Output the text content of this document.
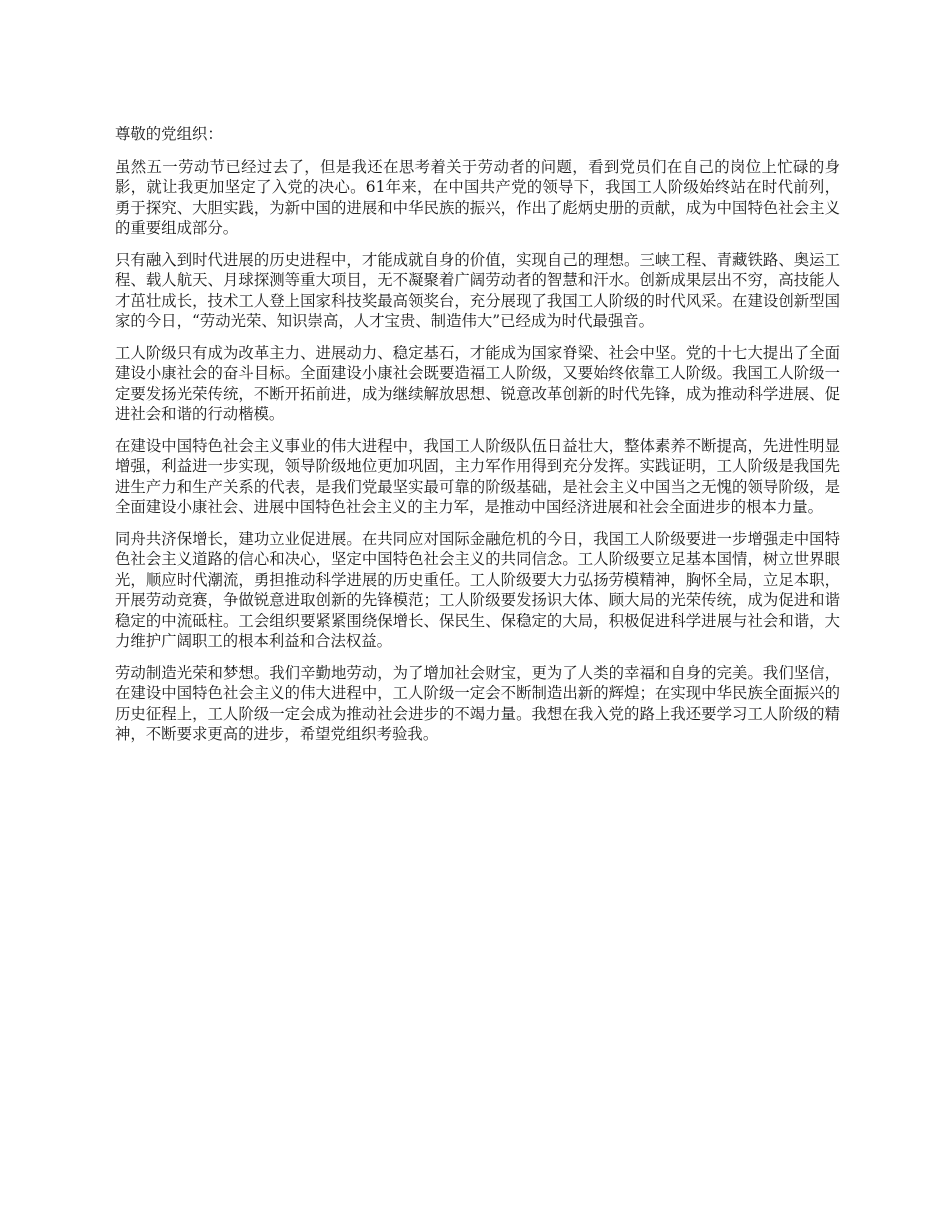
尊敬的党组织：

虽然五一劳动节已经过去了，但是我还在思考着关于劳动者的问题，看到党员们在自己的岗位上忙碌的身影，就让我更加坚定了入党的决心。61年来，在中国共产党的领导下，我国工人阶级始终站在时代前列，勇于探究、大胆实践，为新中国的进展和中华民族的振兴，作出了彪炳史册的贡献，成为中国特色社会主义的重要组成部分。

只有融入到时代进展的历史进程中，才能成就自身的价值，实现自己的理想。三峡工程、青藏铁路、奥运工程、载人航天、月球探测等重大项目，无不凝聚着广阔劳动者的智慧和汗水。创新成果层出不穷，高技能人才茁壮成长，技术工人登上国家科技奖最高领奖台，充分展现了我国工人阶级的时代风采。在建设创新型国家的今日，“劳动光荣、知识崇高，人才宝贵、制造伟大”已经成为时代最强音。

工人阶级只有成为改革主力、进展动力、稳定基石，才能成为国家脊梁、社会中坚。党的十七大提出了全面建设小康社会的奋斗目标。全面建设小康社会既要造福工人阶级，又要始终依靠工人阶级。我国工人阶级一定要发扬光荣传统，不断开拓前进，成为继续解放思想、锐意改革创新的时代先锋，成为推动科学进展、促进社会和谐的行动楷模。

在建设中国特色社会主义事业的伟大进程中，我国工人阶级队伍日益壮大，整体素养不断提高，先进性明显增强，利益进一步实现，领导阶级地位更加巩固，主力军作用得到充分发挥。实践证明，工人阶级是我国先进生产力和生产关系的代表，是我们党最坚实最可靠的阶级基础，是社会主义中国当之无愧的领导阶级，是全面建设小康社会、进展中国特色社会主义的主力军，是推动中国经济进展和社会全面进步的根本力量。

同舟共济保增长，建功立业促进展。在共同应对国际金融危机的今日，我国工人阶级要进一步增强走中国特色社会主义道路的信心和决心，坚定中国特色社会主义的共同信念。工人阶级要立足基本国情，树立世界眼光，顺应时代潮流，勇担推动科学进展的历史重任。工人阶级要大力弘扬劳模精神，胸怀全局，立足本职，开展劳动竞赛，争做锐意进取创新的先锋模范；工人阶级要发扬识大体、顾大局的光荣传统，成为促进和谐稳定的中流砥柱。工会组织要紧紧围绕保增长、保民生、保稳定的大局，积极促进科学进展与社会和谐，大力维护广阔职工的根本利益和合法权益。

劳动制造光荣和梦想。我们辛勤地劳动，为了增加社会财宝，更为了人类的幸福和自身的完美。我们坚信，在建设中国特色社会主义的伟大进程中，工人阶级一定会不断制造出新的辉煌；在实现中华民族全面振兴的历史征程上，工人阶级一定会成为推动社会进步的不竭力量。我想在我入党的路上我还要学习工人阶级的精神，不断要求更高的进步，希望党组织考验我。
